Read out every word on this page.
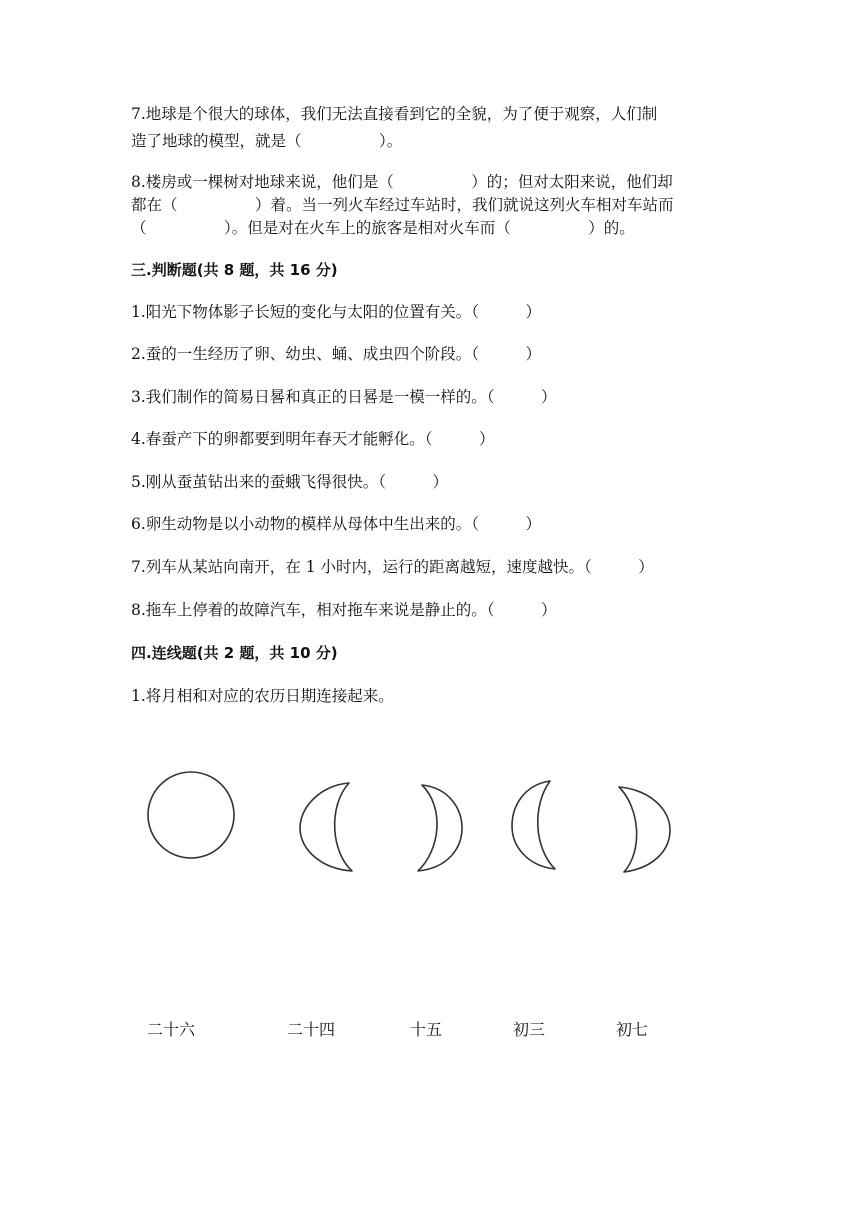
7.地球是个很大的球体，我们无法直接看到它的全貌，为了便于观察，人们制
造了地球的模型，就是（　　　　　）。
8.楼房或一棵树对地球来说，他们是（　　　　　）的；但对太阳来说，他们却
都在（　　　　　）着。当一列火车经过车站时，我们就说这列火车相对车站而
（　　　　　）。但是对在火车上的旅客是相对火车而（　　　　　）的。
三.判断题(共 8 题，共 16 分)
1.阳光下物体影子长短的变化与太阳的位置有关。（　　　）
2.蚕的一生经历了卵、幼虫、蛹、成虫四个阶段。（　　　）
3.我们制作的简易日晷和真正的日晷是一模一样的。（　　　）
4.春蚕产下的卵都要到明年春天才能孵化。（　　　）
5.刚从蚕茧钻出来的蚕蛾飞得很快。（　　　）
6.卵生动物是以小动物的模样从母体中生出来的。（　　　）
7.列车从某站向南开，在 1 小时内，运行的距离越短，速度越快。（　　　）
8.拖车上停着的故障汽车，相对拖车来说是静止的。（　　　）
四.连线题(共 2 题，共 10 分)
1.将月相和对应的农历日期连接起来。
二十六	二十四	十五	初三	初七
